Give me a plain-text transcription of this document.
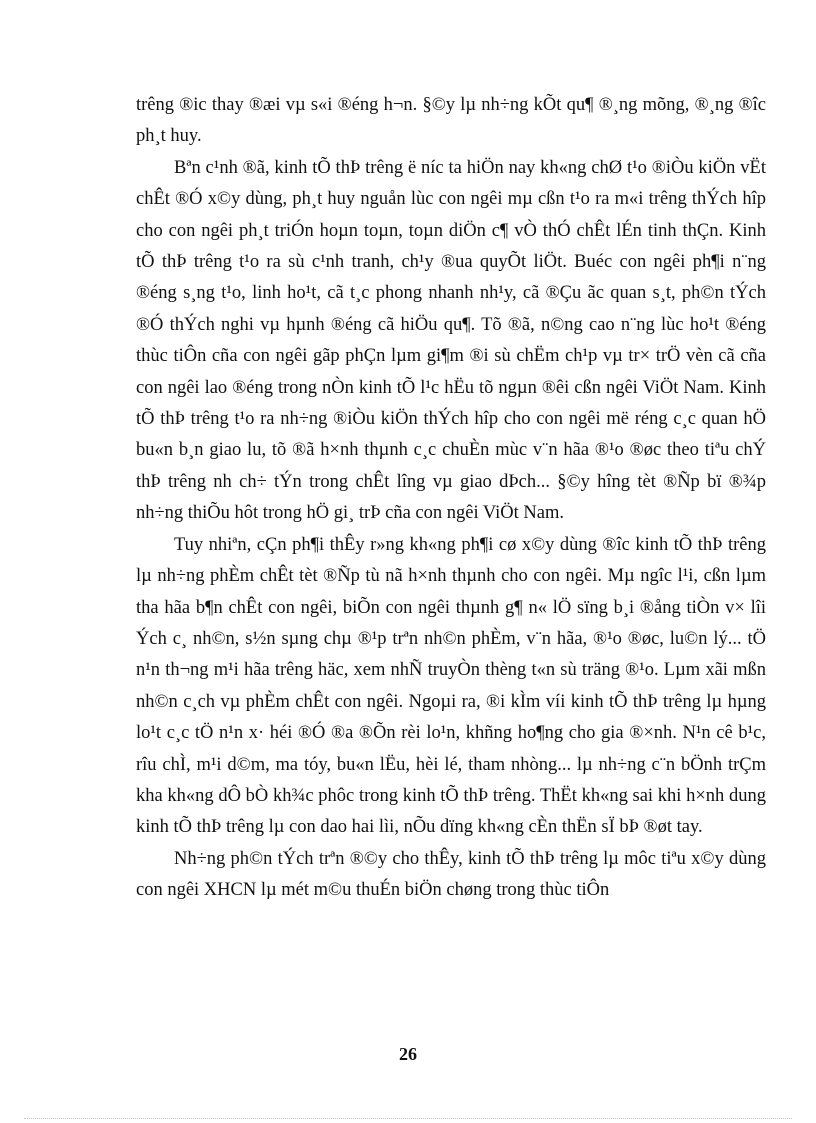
trêng ®ic thay ®æi vµ s«i ®éng h¬n. §©y lµ nh÷ng kÕt qu¶ ®¸ng mõng, ®¸ng ®îc ph¸t huy.

Bªn c¹nh ®ã, kinh tÕ thÞ trêng ë níc ta hiÖn nay kh«ng chØ t¹o ®iÒu kiÖn vËt chÊt ®Ó x©y dùng, ph¸t huy nguån lùc con ngêi mµ cßn t¹o ra m«i trêng thÝch hîp cho con ngêi ph¸t triÓn hoµn toµn, toµn diÖn c¶ vÒ thÓ chÊt lÉn tinh thÇn. Kinh tÕ thÞ trêng t¹o ra sù c¹nh tranh, ch¹y ®ua quyÕt liÖt. Buéc con ngêi ph¶i n¨ng ®éng s¸ng t¹o, linh ho¹t, cã t¸c phong nhanh nh¹y, cã ®Çu ãc quan s¸t, ph©n tÝch ®Ó thÝch nghi vµ hµnh ®éng cã hiÖu qu¶. Tõ ®ã, n©ng cao n¨ng lùc ho¹t ®éng thùc tiÔn cña con ngêi gãp phÇn lµm gi¶m ®i sù chËm ch¹p vµ tr× trÖ vèn cã cña con ngêi lao ®éng trong nÒn kinh tÕ l¹c hËu tõ ngµn ®êi cßn ngêi ViÖt Nam. Kinh tÕ thÞ trêng t¹o ra nh÷ng ®iÒu kiÖn thÝch hîp cho con ngêi më réng c¸c quan hÖ bu«n b¸n giao lu, tõ ®ã h×nh thµnh c¸c chuÈn mùc v¨n hãa ®¹o ®øc theo tiªu chÝ thÞ trêng nh ch÷ tÝn trong chÊt lîng vµ giao dÞch... §©y hîng tèt ®Ñp bï ®¾p nh÷ng thiÕu hôt trong hÖ gi¸ trÞ cña con ngêi ViÖt Nam.

Tuy nhiªn, cÇn ph¶i thÊy r»ng kh«ng ph¶i cø x©y dùng ®îc kinh tÕ thÞ trêng lµ nh÷ng phÈm chÊt tèt ®Ñp tù nã h×nh thµnh cho con ngêi. Mµ ngîc l¹i, cßn lµm tha hãa b¶n chÊt con ngêi, biÕn con ngêi thµnh g¶ n« lÖ sïng b¸i ®ång tiÒn v× lîi Ých c¸ nh©n, s½n sµng chµ ®¹p trªn nh©n phÈm, v¨n hãa, ®¹o ®øc, lu©n lý... tÖ n¹n th¬ng m¹i hãa trêng häc, xem nhÑ truyÒn thèng t«n sù träng ®¹o. Lµm xãi mßn nh©n c¸ch vµ phÈm chÊt con ngêi. Ngoµi ra, ®i kÌm víi kinh tÕ thÞ trêng lµ hµng lo¹t c¸c tÖ n¹n x· héi ®Ó ®a ®Õn rèi lo¹n, khñng ho¶ng cho gia ®×nh. N¹n cê b¹c, rîu chÌ, m¹i d©m, ma tóy, bu«n lËu, hèi lé, tham nhòng... lµ nh÷ng c¨n bÖnh trÇm kha kh«ng dÔ bÒ kh¾c phôc trong kinh tÕ thÞ trêng. ThËt kh«ng sai khi h×nh dung kinh tÕ thÞ trêng lµ con dao hai lìi, nÕu dïng kh«ng cÈn thËn sÏ bÞ ®øt tay.

Nh÷ng ph©n tÝch trªn ®©y cho thÊy, kinh tÕ thÞ trêng lµ môc tiªu x©y dùng con ngêi XHCN lµ mét m©u thuÉn biÖn chøng trong thùc tiÔn

26
